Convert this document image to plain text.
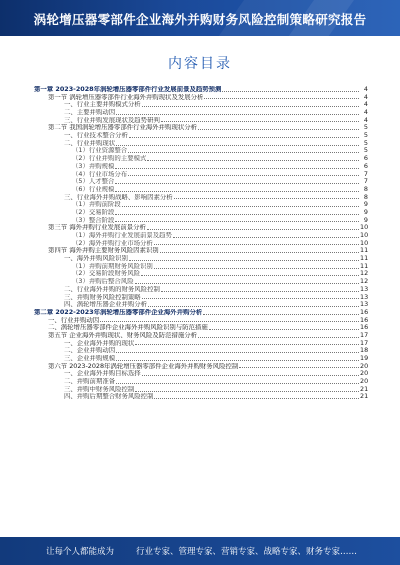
涡轮增压器零部件企业海外并购财务风险控制策略研究报告
内容目录
第一章 2023-2028年涡轮增压器零部件行业发展前景及趋势预测	4
第一节 涡轮增压器零部件行业海外并购现状及发展分析	4
一、行业主要并购模式分析	4
二、主要并购动因	4
三、行业并购发展现状及趋势研判	4
第二节 我国涡轮增压器零部件行业海外并购现状分析	5
一、行业技术整合分析	5
二、行业并购现状	5
（1）行业资源整合	5
（2）行业并购的主要模式	6
（3）并购规模	6
（4）行业市场分布	7
（5）人才整合	7
（6）行业规模	8
三、行业海外并购战略、影响因素分析	8
（1）并购前阶段	9
（2）交易阶段	9
（3）整合阶段	9
第三节 海外并购行业发展前景分析	10
（1）海外并购行业发展前景及趋势	10
（2）海外并购行业市场分析	10
第四节 海外并购主要财务风险因素识别	11
一、海外并购风险识别	11
（1）并购前期财务风险识别	11
（2）交易阶段财务风险	12
（3）并购后整合风险	12
二、行业海外并购的财务风险控制	13
三、并购财务风险控制策略	13
四、涡轮增压器企业并购分析	13
第二章 2022-2023年涡轮增压器零部件企业海外并购分析	16
一、行业并购动因	16
二、涡轮增压器零部件企业海外并购风险识别与防范措施	16
第五节 企业海外并购现状、财务风险及防范措施分析	17
一、企业海外并购的现状	17
二、企业并购动因	18
三、企业并购规模	19
第六节 2023-2028年涡轮增压器零部件企业海外并购财务风险控制	20
一、企业海外并购目标选择	20
二、并购前期准备	20
三、并购中财务风险控制	21
四、并购后期整合财务风险控制	21
让每个人都能成为	行业专家、管理专家、营销专家、战略专家、财务专家……
